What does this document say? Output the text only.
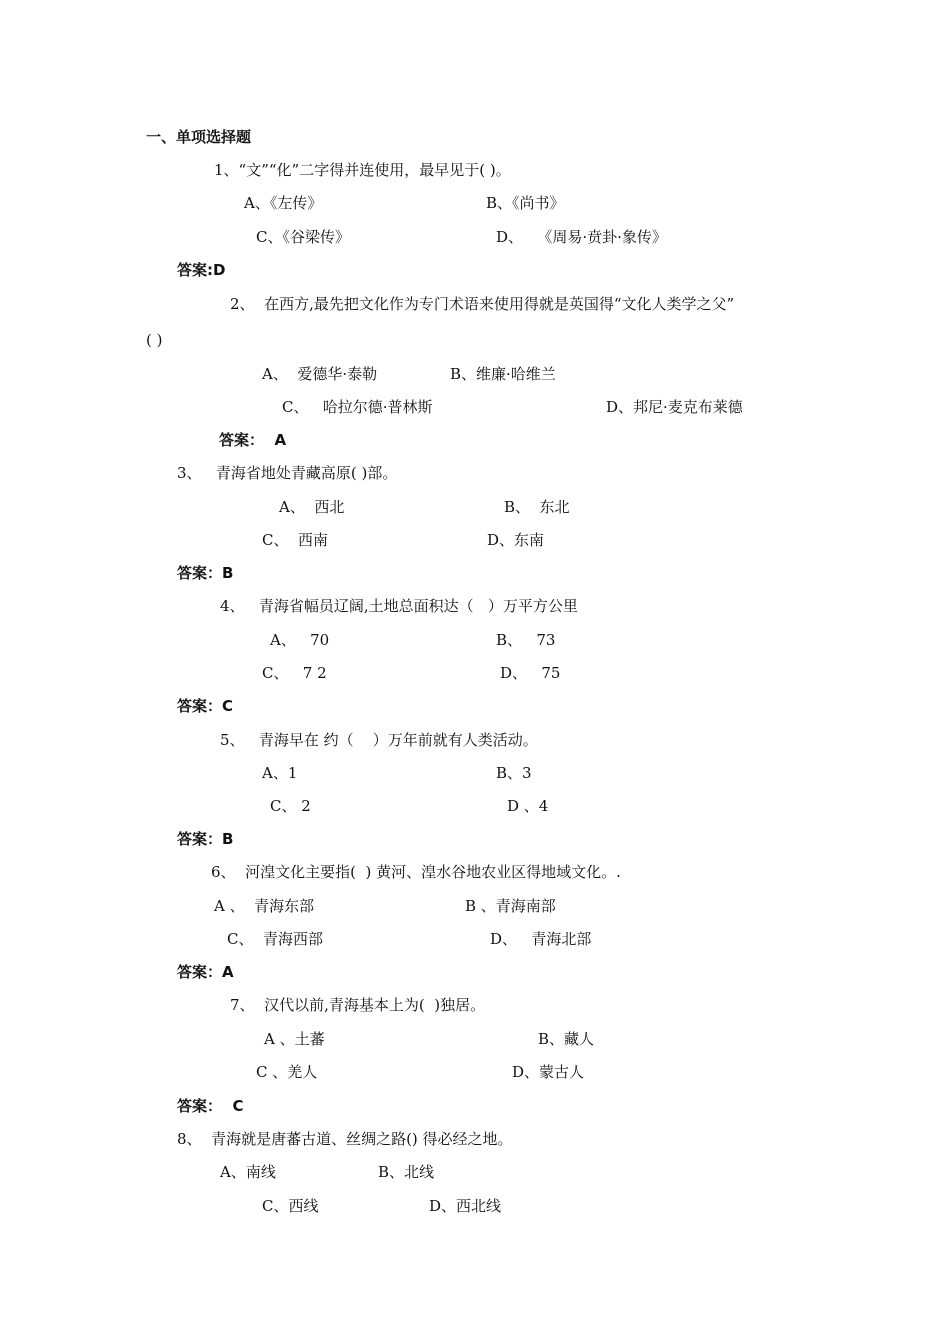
一、单项选择题
1、“文”“化”二字得并连使用，最早见于( )。
A、《左传》	B、《尚书》
C、《谷梁传》	D、   《周易·贲卦·象传》
答案:D
2、  在西方,最先把文化作为专门术语来使用得就是英国得“文化人类学之父”
( )
A、  爱德华·泰勒	B、维廉·哈维兰
C、   哈拉尔德·普林斯	D、邦尼·麦克布莱德
答案：  A
3、   青海省地处青藏高原( )部。
A、  西北	B、  东北
C、  西南	D、东南
答案：B
4、   青海省幅员辽阔,土地总面积达（   ）万平方公里
A、   70	B、   73
C、   7 2	D、   75
答案：C
5、   青海早在 约（    ）万年前就有人类活动。
A、1	B、3
C、 2	D 、4
答案：B
6、  河湟文化主要指(  ) 黄河、湟水谷地农业区得地域文化。.
A 、  青海东部	B 、青海南部
C、  青海西部	D、   青海北部
答案：A
7、  汉代以前,青海基本上为(  )独居。
A 、土蕃	B、藏人
C 、羌人	D、蒙古人
答案：  C
8、  青海就是唐蕃古道、丝绸之路() 得必经之地。
A、南线	B、北线
C、西线	D、西北线
